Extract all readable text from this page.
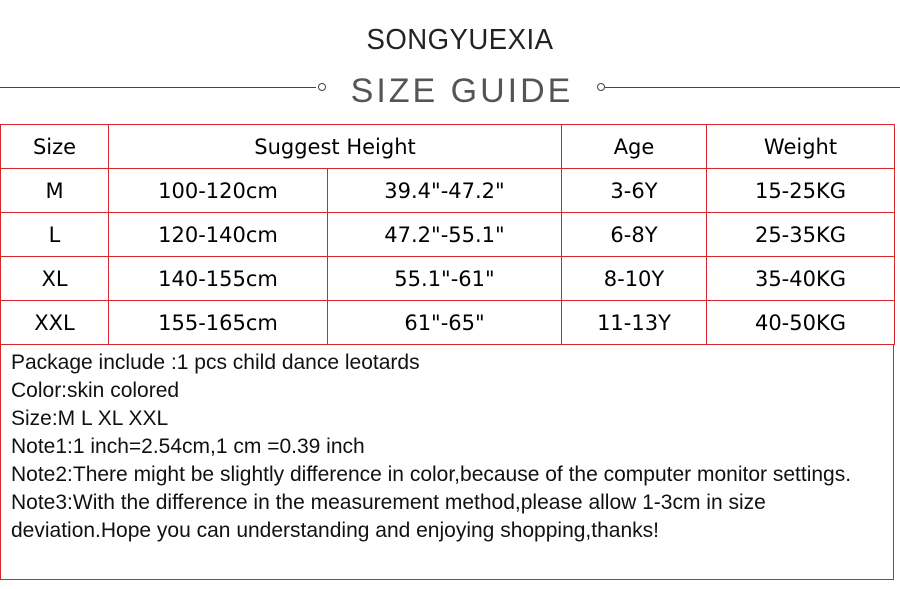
SONGYUEXIA
SIZE GUIDE
Size	Suggest Height		Age	Weight
M	100-120cm	39.4"-47.2"	3-6Y	15-25KG
L	120-140cm	47.2"-55.1"	6-8Y	25-35KG
XL	140-155cm	55.1"-61"	8-10Y	35-40KG
XXL	155-165cm	61"-65"	11-13Y	40-50KG
Package include :1 pcs child dance leotards
Color:skin colored
Size:M L XL XXL
Note1:1 inch=2.54cm,1 cm =0.39 inch
Note2:There might be slightly difference in color,because of the computer monitor settings.
Note3:With the difference in the measurement method,please allow 1-3cm in size deviation.Hope you can understanding and enjoying shopping,thanks!
